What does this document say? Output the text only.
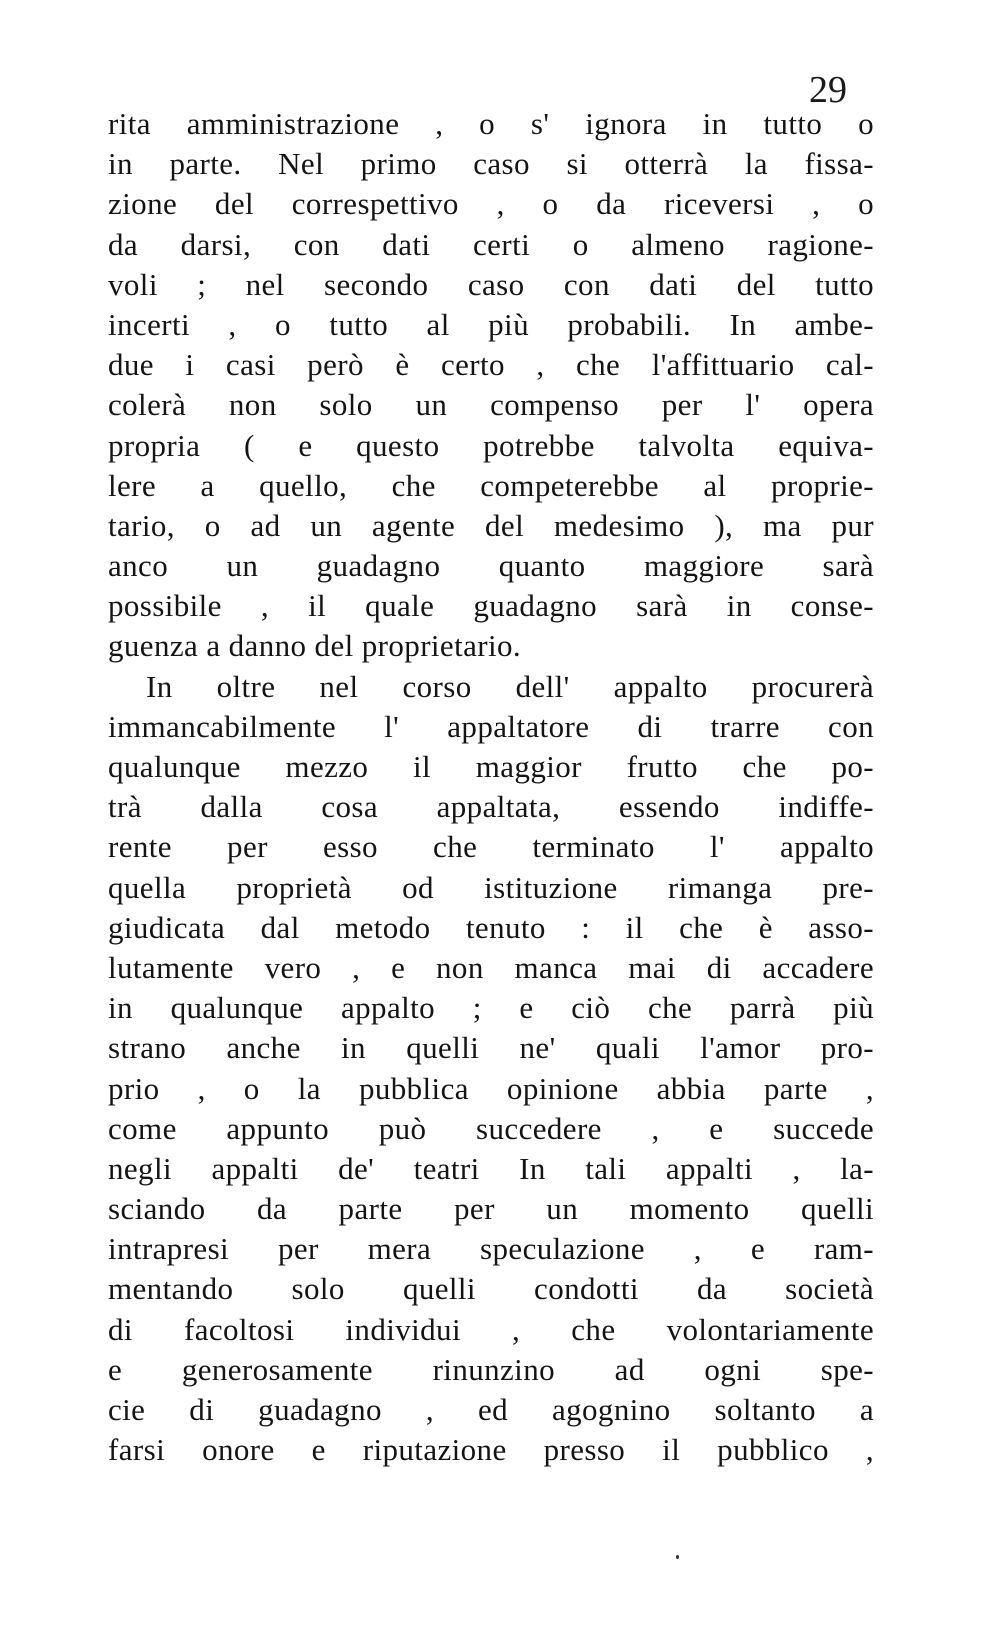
29
rita amministrazione , o s' ignora in tutto o
in parte. Nel primo caso si otterrà la fissa-
zione del correspettivo , o da riceversi , o
da darsi, con dati certi o almeno ragione-
voli ; nel secondo caso con dati del tutto
incerti , o tutto al più probabili. In ambe-
due i casi però è certo , che l'affittuario cal-
colerà non solo un compenso per l' opera
propria ( e questo potrebbe talvolta equiva-
lere a quello, che competerebbe al proprie-
tario, o ad un agente del medesimo ), ma pur
anco un guadagno quanto maggiore sarà
possibile , il quale guadagno sarà in conse-
guenza a danno del proprietario.
In oltre nel corso dell' appalto procurerà
immancabilmente l' appaltatore di trarre con
qualunque mezzo il maggior frutto che po-
trà dalla cosa appaltata, essendo indiffe-
rente per esso che terminato l' appalto
quella proprietà od istituzione rimanga pre-
giudicata dal metodo tenuto : il che è asso-
lutamente vero , e non manca mai di accadere
in qualunque appalto ; e ciò che parrà più
strano anche in quelli ne' quali l'amor pro-
prio , o la pubblica opinione abbia parte ,
come appunto può succedere , e succede
negli appalti de' teatri In tali appalti , la-
sciando da parte per un momento quelli
intrapresi per mera speculazione , e ram-
mentando solo quelli condotti da società
di facoltosi individui , che volontariamente
e generosamente rinunzino ad ogni spe-
cie di guadagno , ed agognino soltanto a
farsi onore e riputazione presso il pubblico ,
